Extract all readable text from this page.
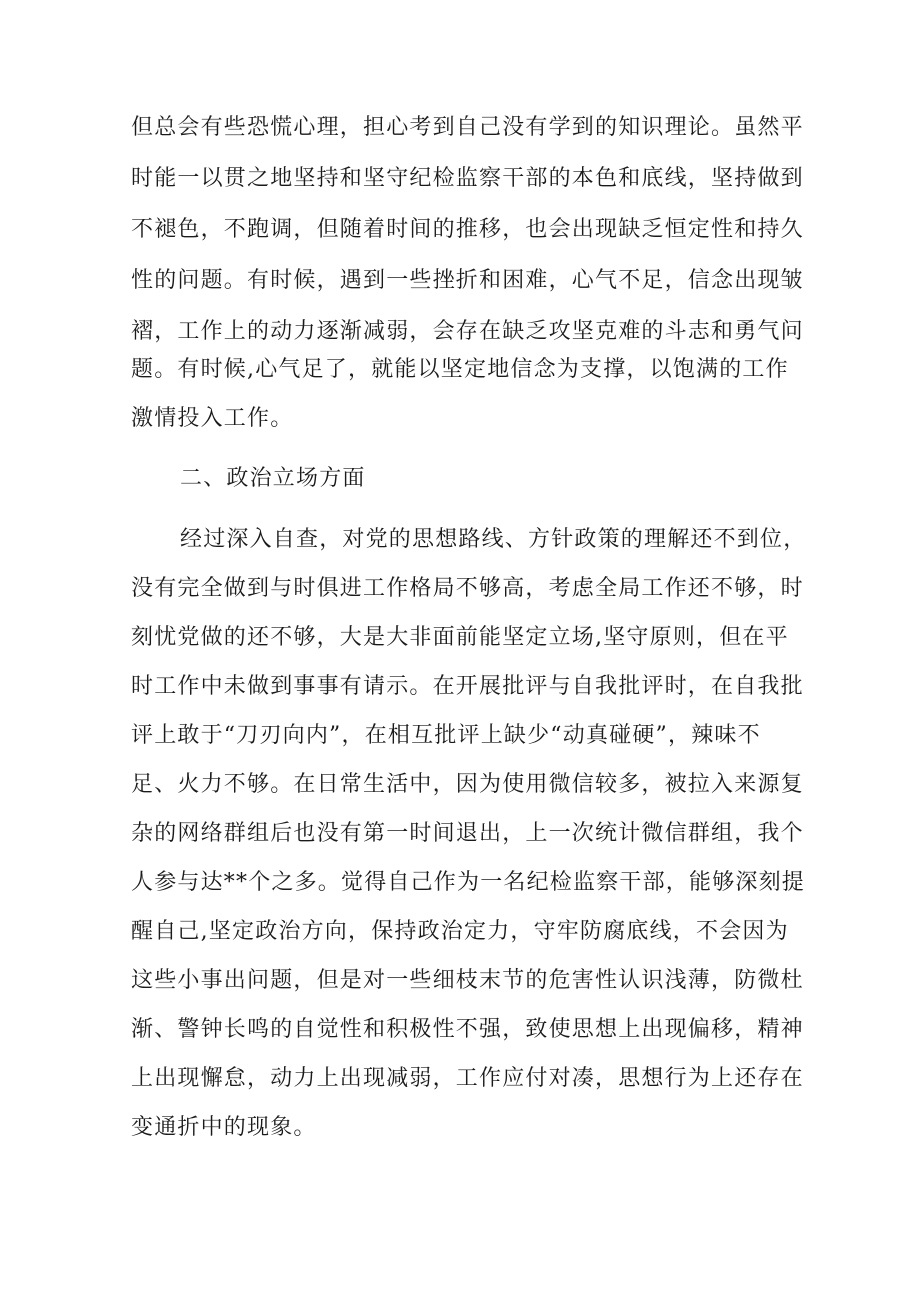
但总会有些恐慌心理，担心考到自己没有学到的知识理论。虽然平
时能一以贯之地坚持和坚守纪检监察干部的本色和底线，坚持做到
不褪色，不跑调，但随着时间的推移，也会出现缺乏恒定性和持久
性的问题。有时候，遇到一些挫折和困难，心气不足，信念出现皱
褶，工作上的动力逐渐减弱，会存在缺乏攻坚克难的斗志和勇气问
题。有时候,心气足了，就能以坚定地信念为支撑，以饱满的工作
激情投入工作。
二、政治立场方面
经过深入自查，对党的思想路线、方针政策的理解还不到位，
没有完全做到与时俱进工作格局不够高，考虑全局工作还不够，时
刻忧党做的还不够，大是大非面前能坚定立场,坚守原则，但在平
时工作中未做到事事有请示。在开展批评与自我批评时，在自我批
评上敢于“刀刃向内”，在相互批评上缺少“动真碰硬”，辣味不
足、火力不够。在日常生活中，因为使用微信较多，被拉入来源复
杂的网络群组后也没有第一时间退出，上一次统计微信群组，我个
人参与达**个之多。觉得自己作为一名纪检监察干部，能够深刻提
醒自己,坚定政治方向，保持政治定力，守牢防腐底线，不会因为
这些小事出问题，但是对一些细枝末节的危害性认识浅薄，防微杜
渐、警钟长鸣的自觉性和积极性不强，致使思想上出现偏移，精神
上出现懈怠，动力上出现减弱，工作应付对凑，思想行为上还存在
变通折中的现象。
